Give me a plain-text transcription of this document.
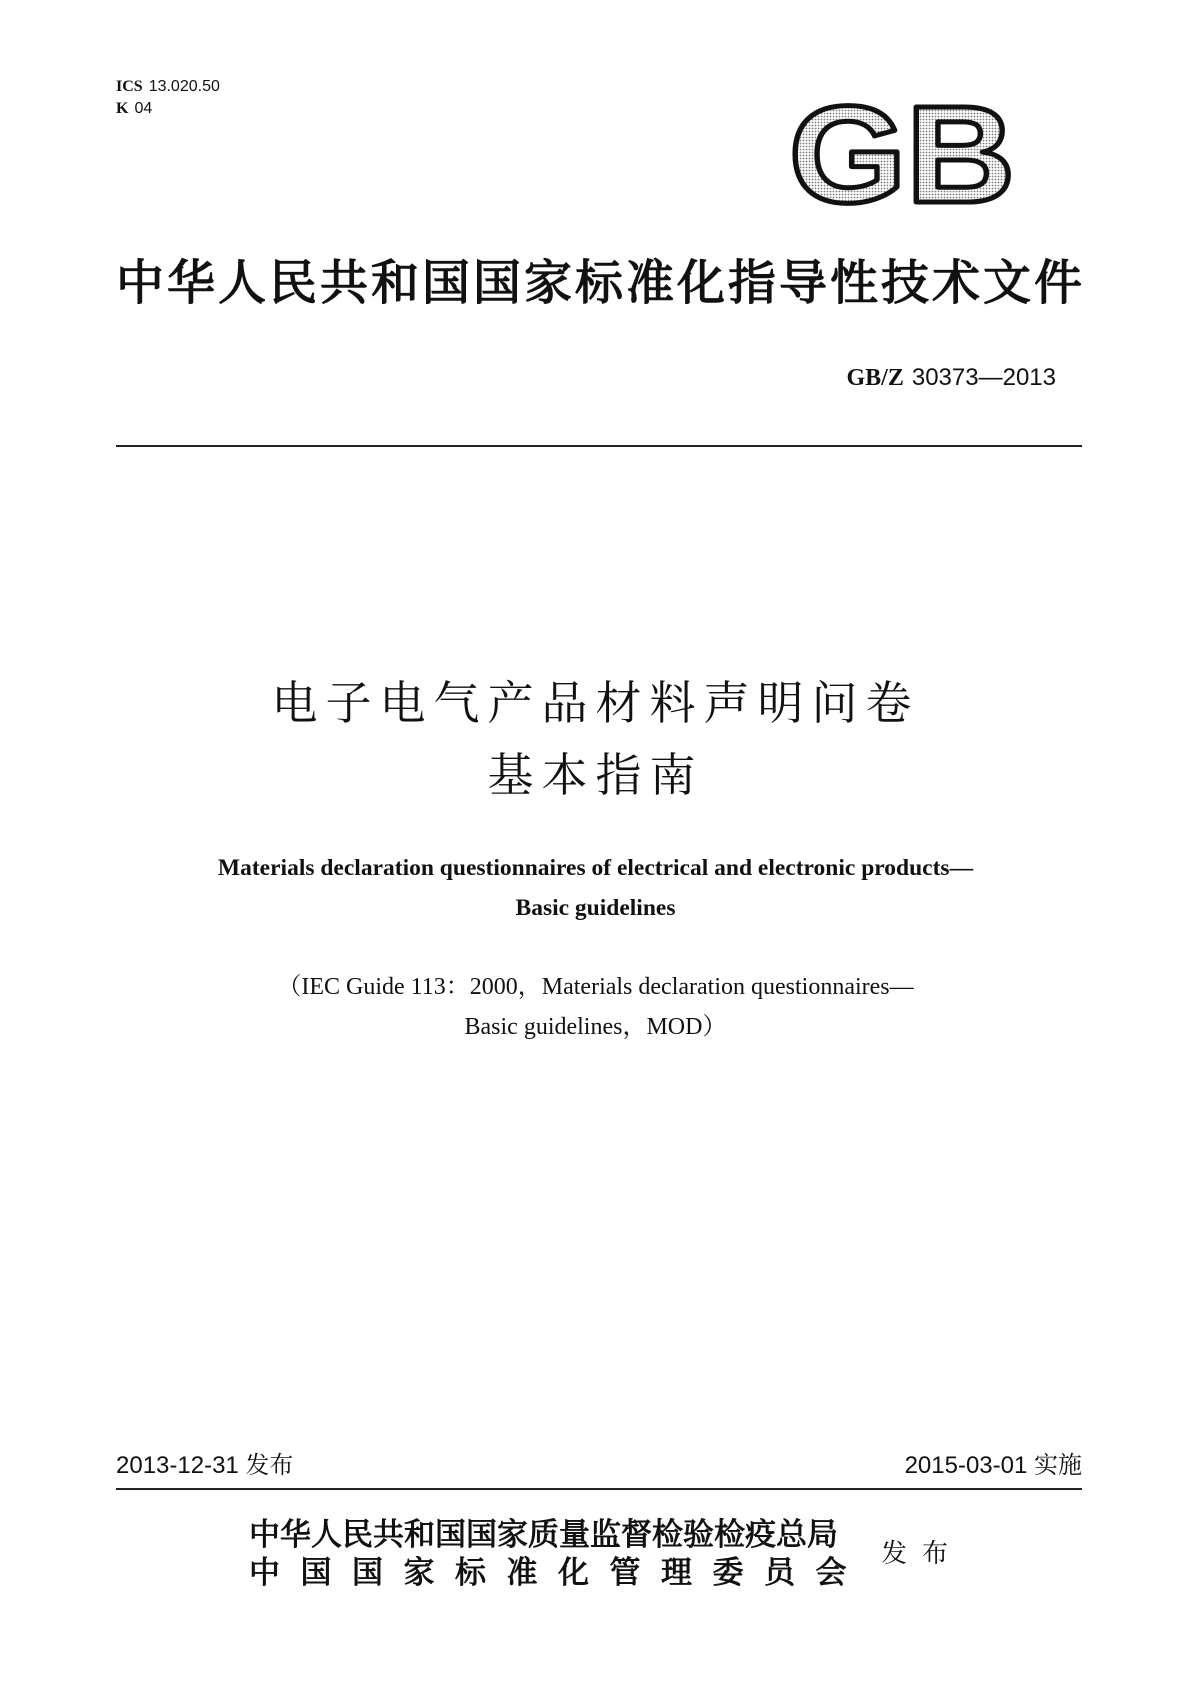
ICS 13.020.50
K 04	GB
中华人民共和国国家标准化指导性技术文件
GB/Z 30373—2013
电子电气产品材料声明问卷
基本指南
Materials declaration questionnaires of electrical and electronic products—
Basic guidelines
（IEC Guide 113：2000，Materials declaration questionnaires—
Basic guidelines，MOD）
2013-12-31 发布	2015-03-01 实施
中华人民共和国国家质量监督检验检疫总局
中国国家标准化管理委员会
发布
